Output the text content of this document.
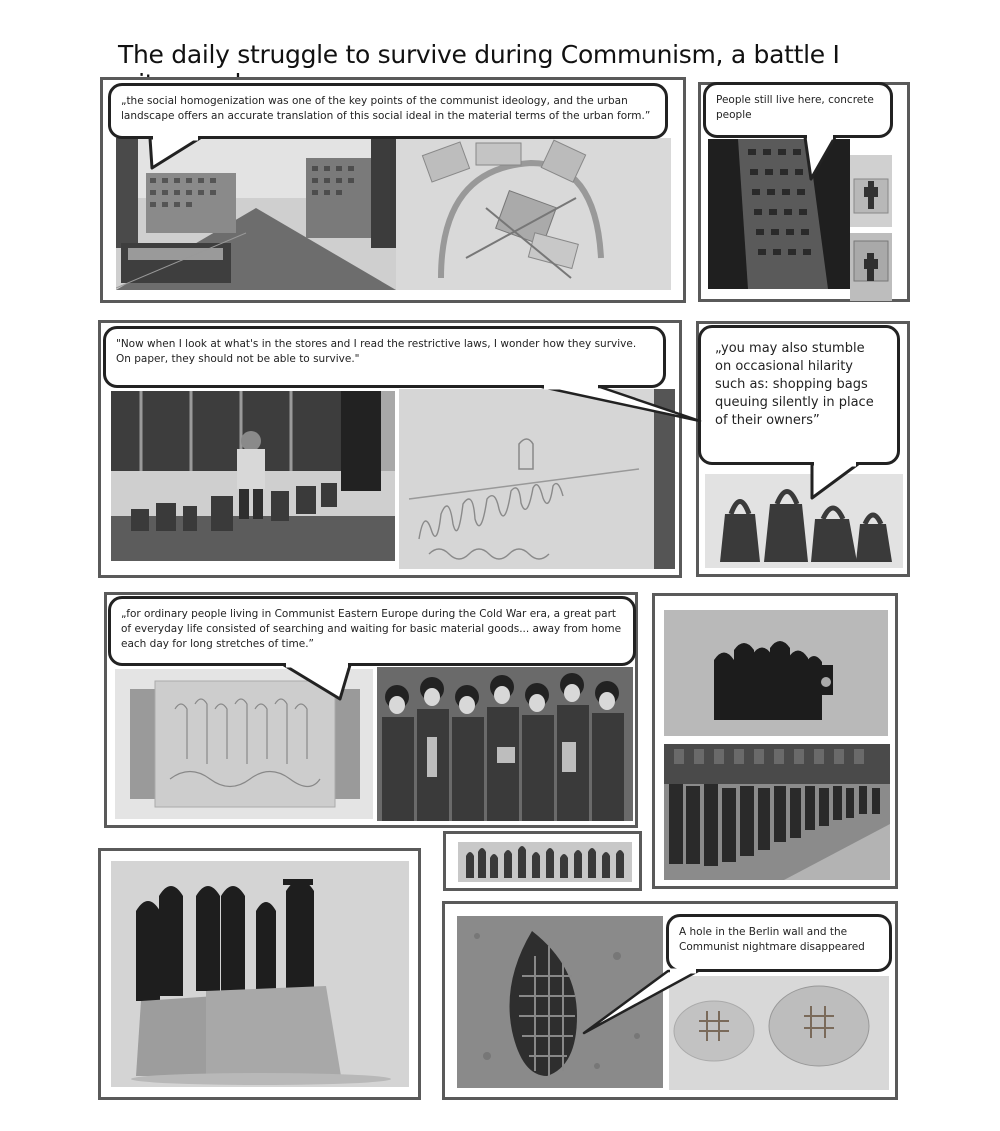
The daily struggle to survive during Communism, a battle I
„the social homogenization was one of the key points of the communist ideology, and the urban landscape offers an accurate translation of this social ideal in the material terms of the urban form.”
People still live here, concrete people
"Now when I look at what's in the stores and I read the restrictive laws, I wonder how they survive. On paper, they should not be able to survive."
„you may also stumble on occasional hilarity such as: shopping bags queuing silently in place of their owners”
„for ordinary people living in Communist Eastern Europe during the Cold War era, a great part of everyday life consisted of searching and waiting for basic material goods... away from home each day for long stretches of time.”
A hole in the Berlin wall and the Communist nightmare disappeared
